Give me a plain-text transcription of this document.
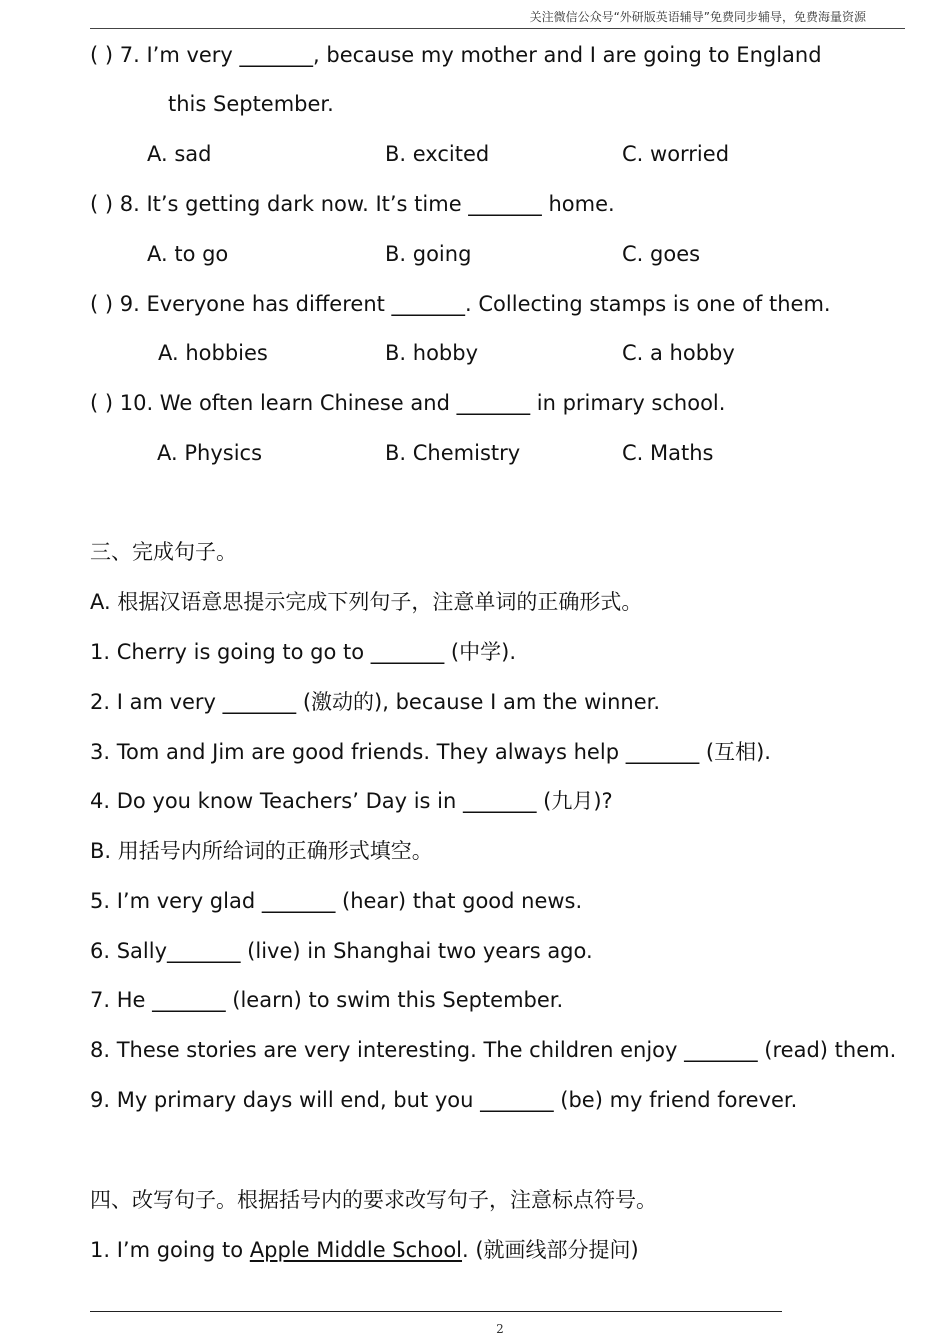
关注微信公众号“外研版英语辅导”免费同步辅导，免费海量资源
( ) 7. I’m very _______, because my mother and I are going to England
this September.
A. sad	B. excited	C. worried
( ) 8. It’s getting dark now. It’s time _______ home.
A. to go	B. going	C. goes
( ) 9. Everyone has different _______. Collecting stamps is one of them.
A. hobbies	B. hobby	C. a hobby
( ) 10. We often learn Chinese and _______ in primary school.
A. Physics	B. Chemistry	C. Maths
三、完成句子。
A. 根据汉语意思提示完成下列句子，注意单词的正确形式。
1. Cherry is going to go to _______ (中学).
2. I am very _______ (激动的), because I am the winner.
3. Tom and Jim are good friends. They always help _______ (互相).
4. Do you know Teachers’ Day is in _______ (九月)?
B. 用括号内所给词的正确形式填空。
5. I’m very glad _______ (hear) that good news.
6. Sally_______ (live) in Shanghai two years ago.
7. He _______ (learn) to swim this September.
8. These stories are very interesting. The children enjoy _______ (read) them.
9. My primary days will end, but you _______ (be) my friend forever.
四、改写句子。根据括号内的要求改写句子，注意标点符号。
1. I’m going to Apple Middle School. (就画线部分提问)
2
